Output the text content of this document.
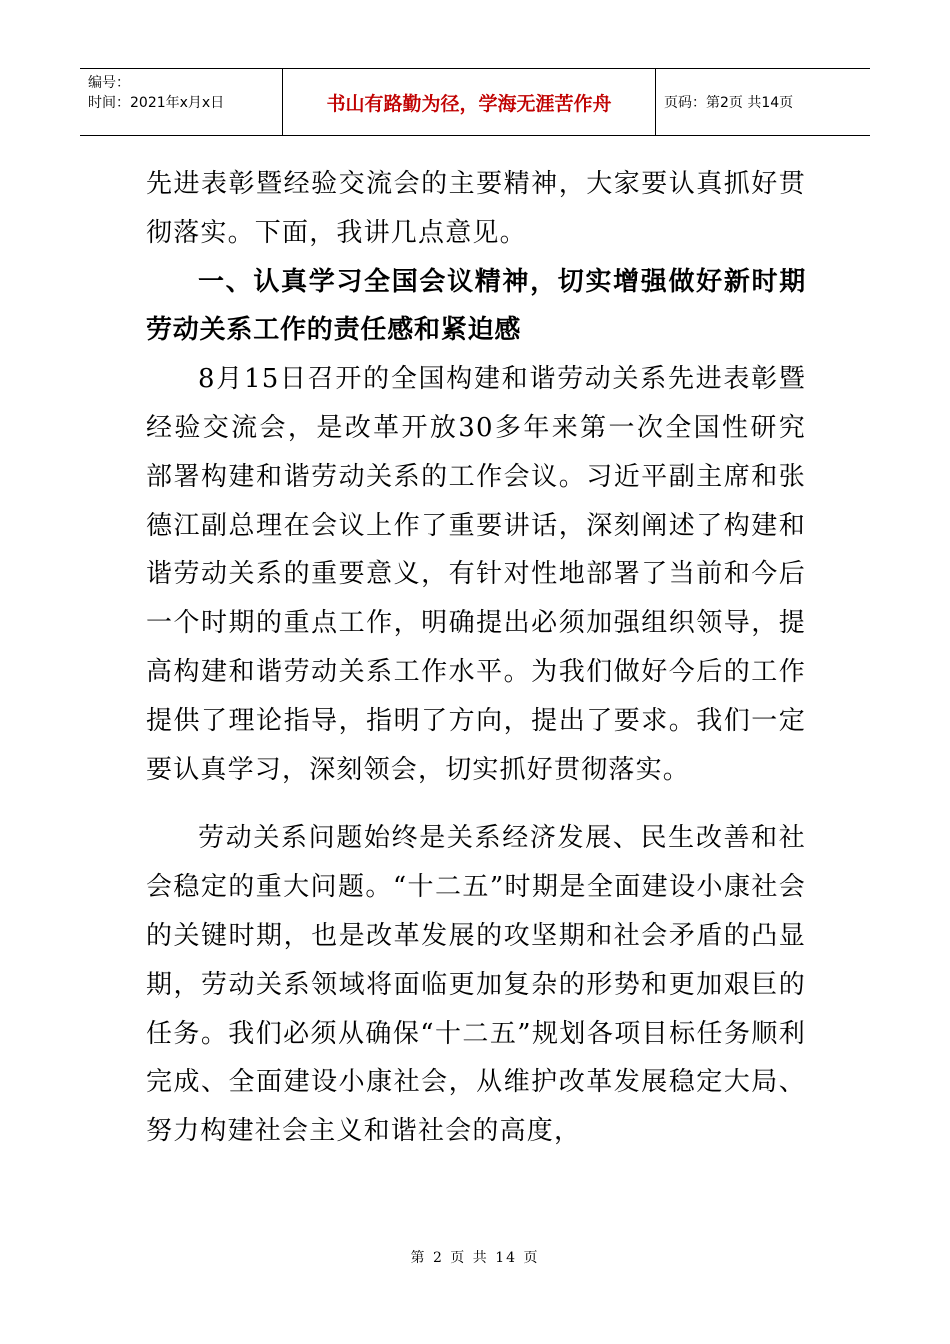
编号：
时间：2021年x月x日	书山有路勤为径，学海无涯苦作舟	页码：第2页 共14页

先进表彰暨经验交流会的主要精神，大家要认真抓好贯彻落实。下面，我讲几点意见。

一、认真学习全国会议精神，切实增强做好新时期劳动关系工作的责任感和紧迫感

8月15日召开的全国构建和谐劳动关系先进表彰暨经验交流会，是改革开放30多年来第一次全国性研究部署构建和谐劳动关系的工作会议。习近平副主席和张德江副总理在会议上作了重要讲话，深刻阐述了构建和谐劳动关系的重要意义，有针对性地部署了当前和今后一个时期的重点工作，明确提出必须加强组织领导，提高构建和谐劳动关系工作水平。为我们做好今后的工作提供了理论指导，指明了方向，提出了要求。我们一定要认真学习，深刻领会，切实抓好贯彻落实。

劳动关系问题始终是关系经济发展、民生改善和社会稳定的重大问题。“十二五”时期是全面建设小康社会的关键时期，也是改革发展的攻坚期和社会矛盾的凸显期，劳动关系领域将面临更加复杂的形势和更加艰巨的任务。我们必须从确保“十二五”规划各项目标任务顺利完成、全面建设小康社会，从维护改革发展稳定大局、努力构建社会主义和谐社会的高度，

第 2 页 共 14 页
